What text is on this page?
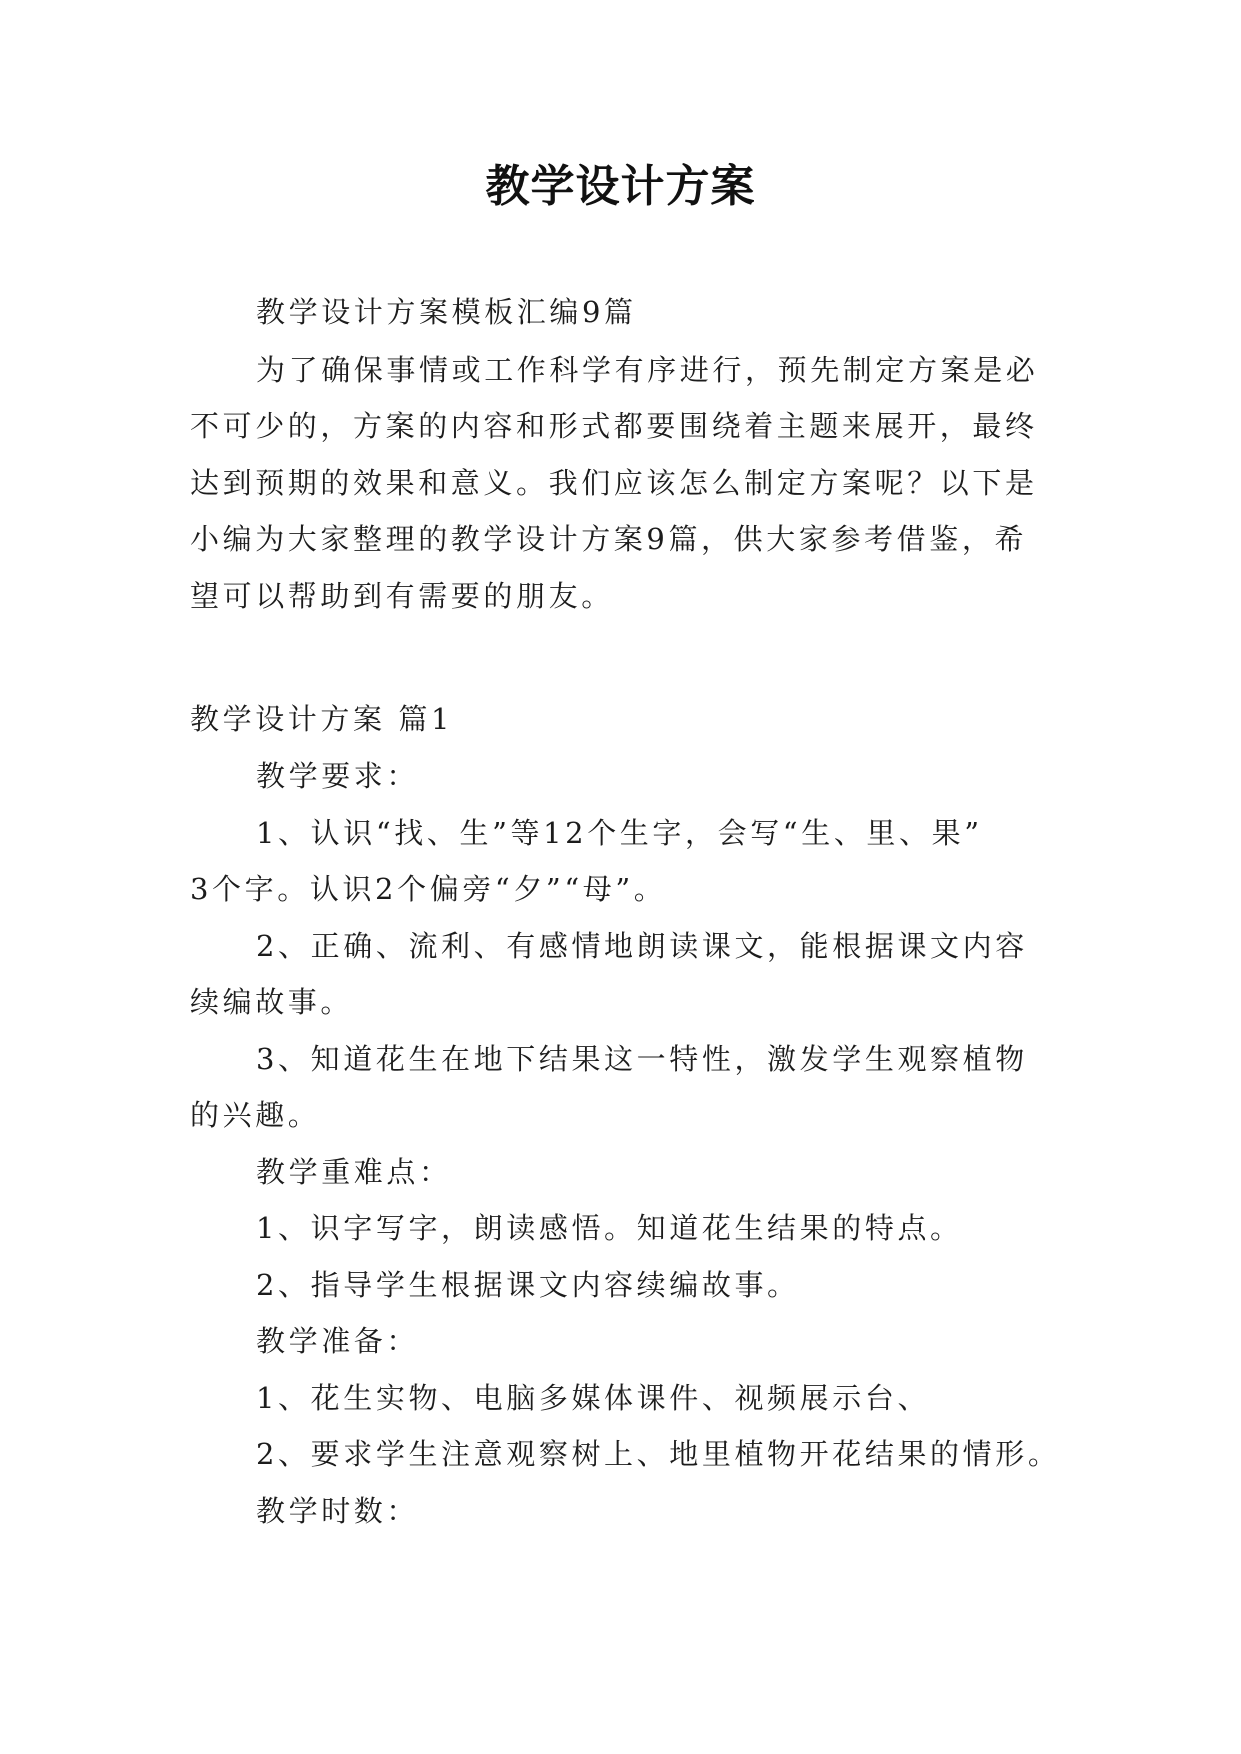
教学设计方案
教学设计方案模板汇编9篇
为了确保事情或工作科学有序进行，预先制定方案是必
不可少的，方案的内容和形式都要围绕着主题来展开，最终
达到预期的效果和意义。我们应该怎么制定方案呢？以下是
小编为大家整理的教学设计方案9篇，供大家参考借鉴，希
望可以帮助到有需要的朋友。
教学设计方案 篇1
教学要求：
1、认识“找、生”等12个生字，会写“生、里、果”
3个字。认识2个偏旁“夕”“母”。
2、正确、流利、有感情地朗读课文，能根据课文内容
续编故事。
3、知道花生在地下结果这一特性，激发学生观察植物
的兴趣。
教学重难点：
1、识字写字，朗读感悟。知道花生结果的特点。
2、指导学生根据课文内容续编故事。
教学准备：
1、花生实物、电脑多媒体课件、视频展示台、
2、要求学生注意观察树上、地里植物开花结果的情形。
教学时数：
